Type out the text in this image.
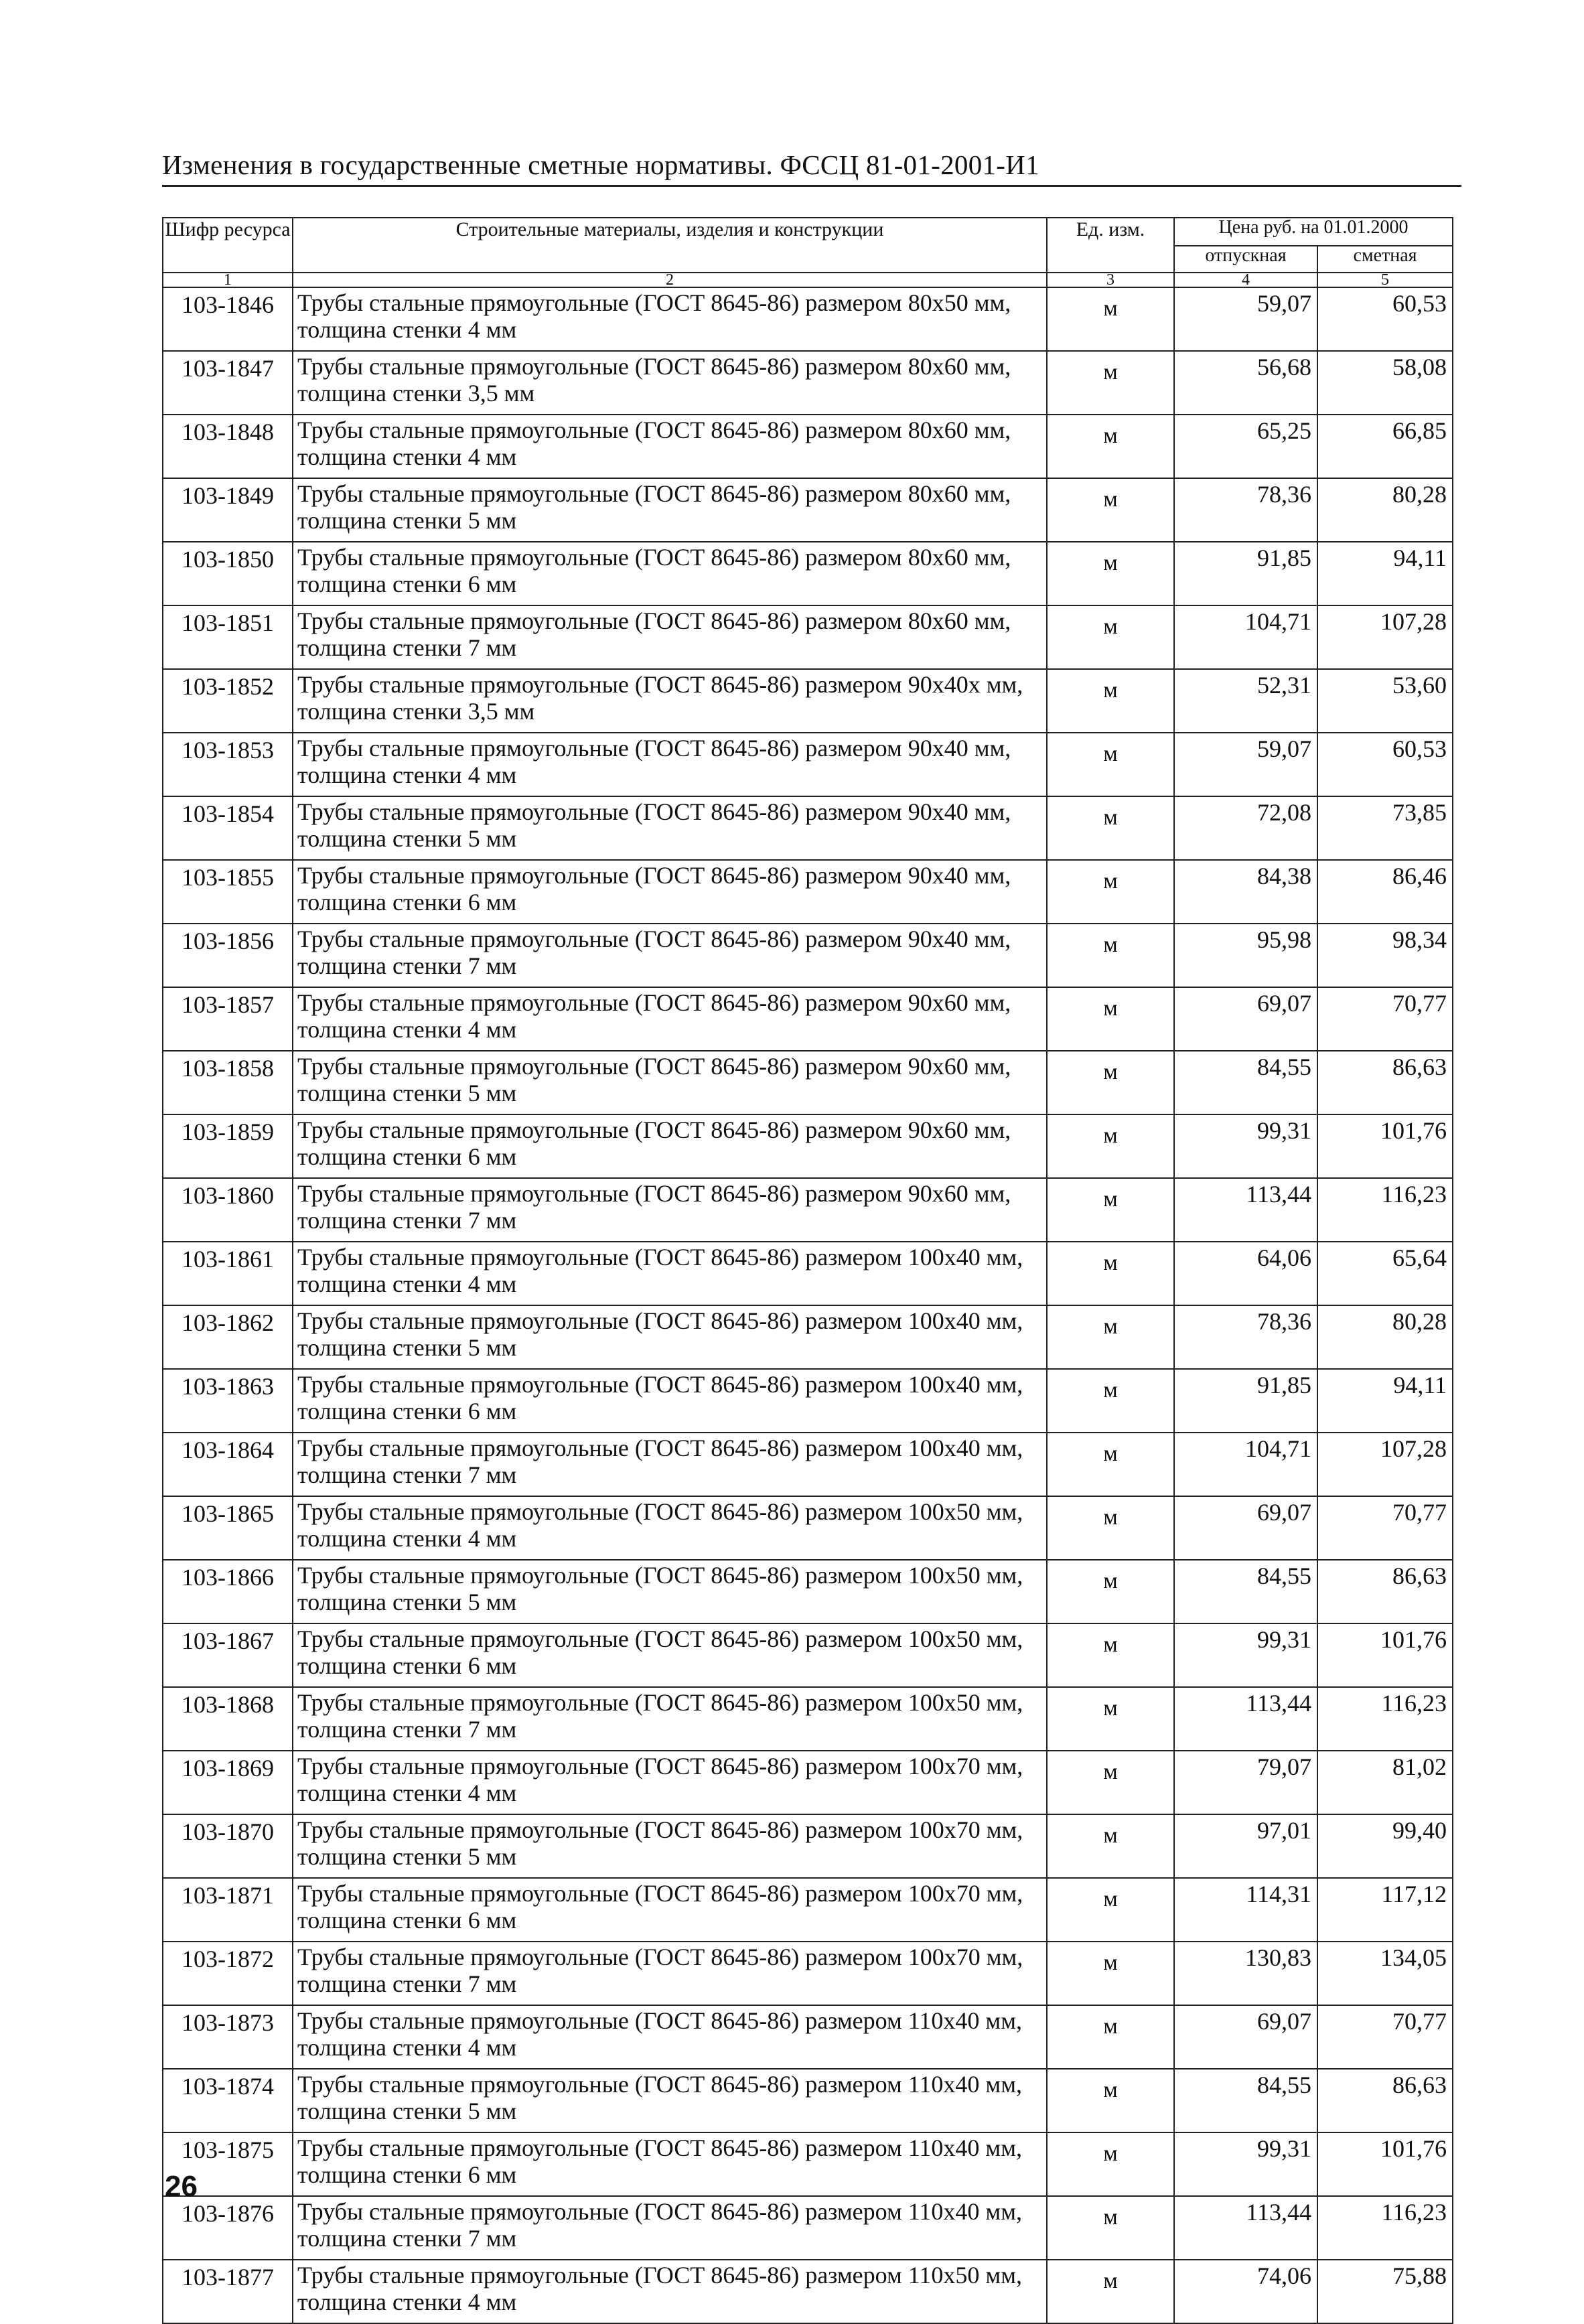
Изменения в государственные сметные нормативы. ФССЦ 81-01-2001-И1
Шифр ресурса	Строительные материалы, изделия и конструкции	Ед. изм.	Цена руб. на 01.01.2000	
			отпускная	сметная
1	2	3	4	5
103-1846	Трубы стальные прямоугольные (ГОСТ 8645-86) размером 80х50 мм, толщина стенки 4 мм	м	59,07	60,53
103-1847	Трубы стальные прямоугольные (ГОСТ 8645-86) размером 80х60 мм, толщина стенки 3,5 мм	м	56,68	58,08
103-1848	Трубы стальные прямоугольные (ГОСТ 8645-86) размером 80х60 мм, толщина стенки 4 мм	м	65,25	66,85
103-1849	Трубы стальные прямоугольные (ГОСТ 8645-86) размером 80х60 мм, толщина стенки 5 мм	м	78,36	80,28
103-1850	Трубы стальные прямоугольные (ГОСТ 8645-86) размером 80х60 мм, толщина стенки 6 мм	м	91,85	94,11
103-1851	Трубы стальные прямоугольные (ГОСТ 8645-86) размером 80х60 мм, толщина стенки 7 мм	м	104,71	107,28
103-1852	Трубы стальные прямоугольные (ГОСТ 8645-86) размером 90х40х мм, толщина стенки 3,5 мм	м	52,31	53,60
103-1853	Трубы стальные прямоугольные (ГОСТ 8645-86) размером 90х40 мм, толщина стенки 4 мм	м	59,07	60,53
103-1854	Трубы стальные прямоугольные (ГОСТ 8645-86) размером 90х40 мм, толщина стенки 5 мм	м	72,08	73,85
103-1855	Трубы стальные прямоугольные (ГОСТ 8645-86) размером 90х40 мм, толщина стенки 6 мм	м	84,38	86,46
103-1856	Трубы стальные прямоугольные (ГОСТ 8645-86) размером 90х40 мм, толщина стенки 7 мм	м	95,98	98,34
103-1857	Трубы стальные прямоугольные (ГОСТ 8645-86) размером 90х60 мм, толщина стенки 4 мм	м	69,07	70,77
103-1858	Трубы стальные прямоугольные (ГОСТ 8645-86) размером 90х60 мм, толщина стенки 5 мм	м	84,55	86,63
103-1859	Трубы стальные прямоугольные (ГОСТ 8645-86) размером 90х60 мм, толщина стенки 6 мм	м	99,31	101,76
103-1860	Трубы стальные прямоугольные (ГОСТ 8645-86) размером 90х60 мм, толщина стенки 7 мм	м	113,44	116,23
103-1861	Трубы стальные прямоугольные (ГОСТ 8645-86) размером 100х40 мм, толщина стенки 4 мм	м	64,06	65,64
103-1862	Трубы стальные прямоугольные (ГОСТ 8645-86) размером 100х40 мм, толщина стенки 5 мм	м	78,36	80,28
103-1863	Трубы стальные прямоугольные (ГОСТ 8645-86) размером 100х40 мм, толщина стенки 6 мм	м	91,85	94,11
103-1864	Трубы стальные прямоугольные (ГОСТ 8645-86) размером 100х40 мм, толщина стенки 7 мм	м	104,71	107,28
103-1865	Трубы стальные прямоугольные (ГОСТ 8645-86) размером 100х50 мм, толщина стенки 4 мм	м	69,07	70,77
103-1866	Трубы стальные прямоугольные (ГОСТ 8645-86) размером 100х50 мм, толщина стенки 5 мм	м	84,55	86,63
103-1867	Трубы стальные прямоугольные (ГОСТ 8645-86) размером 100х50 мм, толщина стенки 6 мм	м	99,31	101,76
103-1868	Трубы стальные прямоугольные (ГОСТ 8645-86) размером 100х50 мм, толщина стенки 7 мм	м	113,44	116,23
103-1869	Трубы стальные прямоугольные (ГОСТ 8645-86) размером 100х70 мм, толщина стенки 4 мм	м	79,07	81,02
103-1870	Трубы стальные прямоугольные (ГОСТ 8645-86) размером 100х70 мм, толщина стенки 5 мм	м	97,01	99,40
103-1871	Трубы стальные прямоугольные (ГОСТ 8645-86) размером 100х70 мм, толщина стенки 6 мм	м	114,31	117,12
103-1872	Трубы стальные прямоугольные (ГОСТ 8645-86) размером 100х70 мм, толщина стенки 7 мм	м	130,83	134,05
103-1873	Трубы стальные прямоугольные (ГОСТ 8645-86) размером 110х40 мм, толщина стенки 4 мм	м	69,07	70,77
103-1874	Трубы стальные прямоугольные (ГОСТ 8645-86) размером 110х40 мм, толщина стенки 5 мм	м	84,55	86,63
103-1875	Трубы стальные прямоугольные (ГОСТ 8645-86) размером 110х40 мм, толщина стенки 6 мм	м	99,31	101,76
103-1876	Трубы стальные прямоугольные (ГОСТ 8645-86) размером 110х40 мм, толщина стенки 7 мм	м	113,44	116,23
103-1877	Трубы стальные прямоугольные (ГОСТ 8645-86) размером 110х50 мм, толщина стенки 4 мм	м	74,06	75,88
26
